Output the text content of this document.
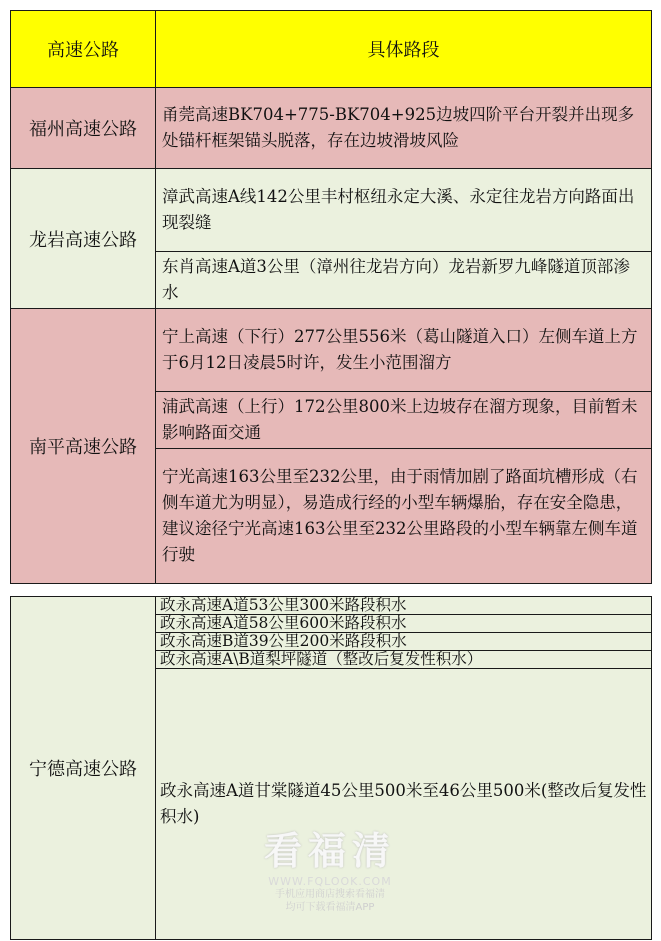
高速公路	具体路段
福州高速公路	甬莞高速BK704+775-BK704+925边坡四阶平台开裂并出现多处锚杆框架锚头脱落，存在边坡滑坡风险
龙岩高速公路	漳武高速A线142公里丰村枢纽永定大溪、永定往龙岩方向路面出现裂缝
	东肖高速A道3公里（漳州往龙岩方向）龙岩新罗九峰隧道顶部渗水
南平高速公路	宁上高速（下行）277公里556米（葛山隧道入口）左侧车道上方于6月12日凌晨5时许，发生小范围溜方
	浦武高速（上行）172公里800米上边坡存在溜方现象，目前暂未影响路面交通
	宁光高速163公里至232公里，由于雨情加剧了路面坑槽形成（右侧车道尤为明显），易造成行经的小型车辆爆胎，存在安全隐患，建议途径宁光高速163公里至232公里路段的小型车辆靠左侧车道行驶

宁德高速公路	政永高速A道53公里300米路段积水
	政永高速A道58公里600米路段积水
	政永高速B道39公里200米路段积水
	政永高速A\B道梨坪隧道（整改后复发性积水）
	政永高速A道甘棠隧道45公里500米至46公里500米(整改后复发性积水)
看福清
WWW.FQLOOK.COM
手机应用商店搜索看福清
均可下载看福清APP
